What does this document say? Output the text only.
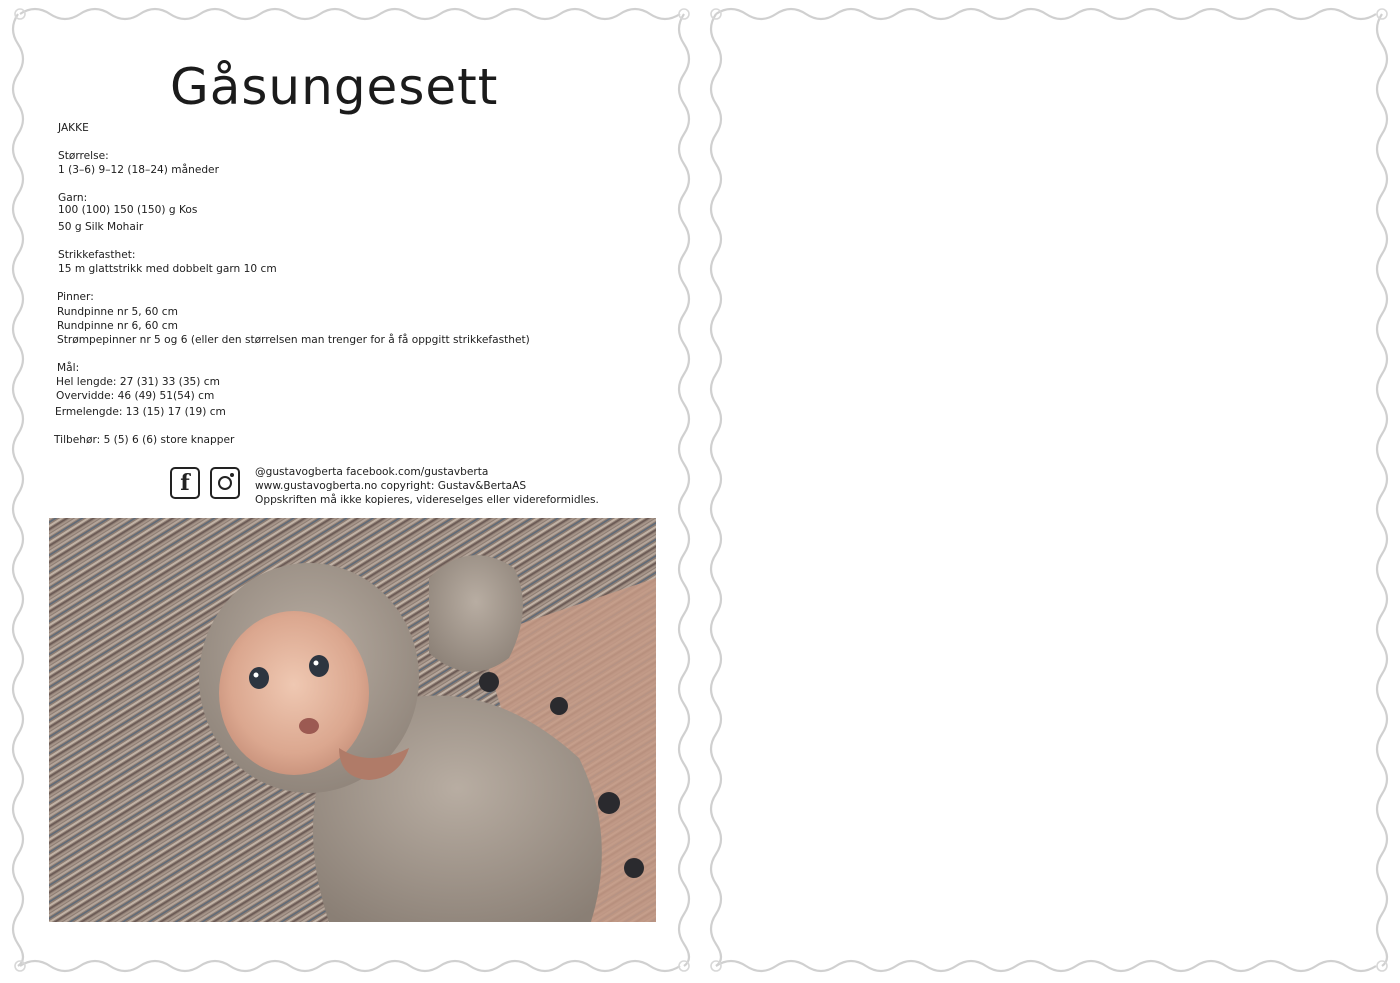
Gåsungesett
JAKKE
Størrelse:
1 (3–6) 9–12 (18–24) måneder
Garn:
100 (100) 150 (150) g Kos
50 g Silk Mohair
Strikkefasthet:
15 m glattstrikk med dobbelt garn 10 cm
Pinner:
Rundpinne nr 5, 60 cm
Rundpinne nr 6, 60 cm
Strømpepinner nr 5 og 6 (eller den størrelsen man trenger for å få oppgitt strikkefasthet)
Mål:
Hel lengde: 27 (31) 33 (35) cm
Overvidde: 46 (49) 51(54) cm
Ermelengde: 13 (15) 17 (19) cm
Tilbehør: 5 (5) 6 (6) store knapper
f	@gustavogberta facebook.com/gustavberta
www.gustavogberta.no copyright: Gustav&BertaAS
Oppskriften må ikke kopieres, videreselges eller videreformidles.
